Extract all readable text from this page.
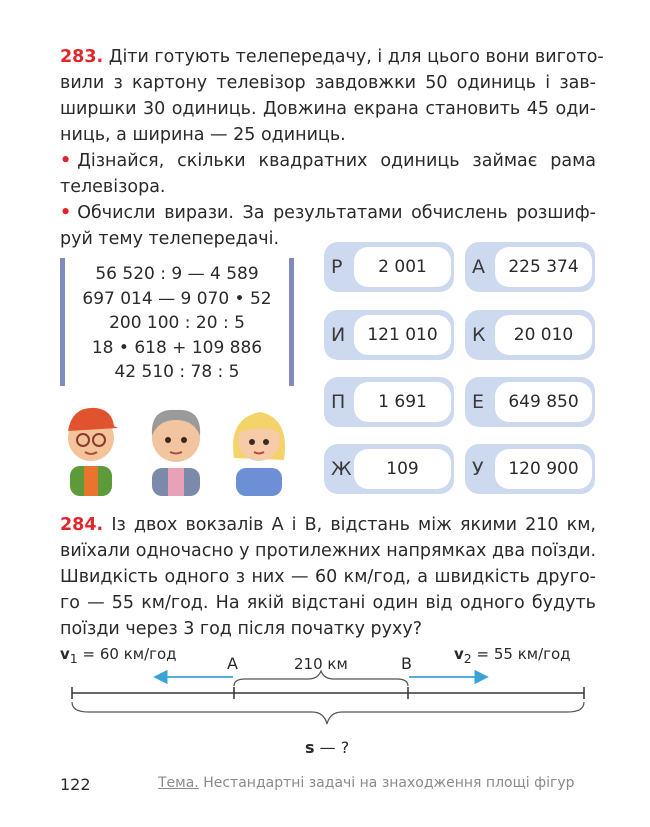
283. Діти готують телепередачу, і для цього вони вигото-
вили з картону телевізор завдовжки 50 одиниць і зав-
ширшки 30 одиниць. Довжина екрана становить 45 оди-
ниць, а ширина — 25 одиниць.
• Дізнайся, скільки квадратних одиниць займає рама
телевізора.
• Обчисли вирази. За результатами обчислень розшиф-
руй тему телепередачі.
56 520 : 9 — 4 589
697 014 — 9 070 • 52
200 100 : 20 : 5
18 • 618 + 109 886
42 510 : 78 : 5
Р	2 001	А	225 374
И	121 010	К	20 010
П	1 691	Е	649 850
Ж	109	У	120 900
284. Із двох вокзалів А і В, відстань між якими 210 км,
виїхали одночасно у протилежних напрямках два поїзди.
Швидкість одного з них — 60 км/год, а швидкість друго-
го — 55 км/год. На якій відстані один від одного будуть
поїзди через 3 год після початку руху?
$v_1 = 60$ км/год	$v_2 = 55$ км/год
А	В
210 км
s — ?
122	Тема. Нестандартні задачі на знаходження площі фігур
